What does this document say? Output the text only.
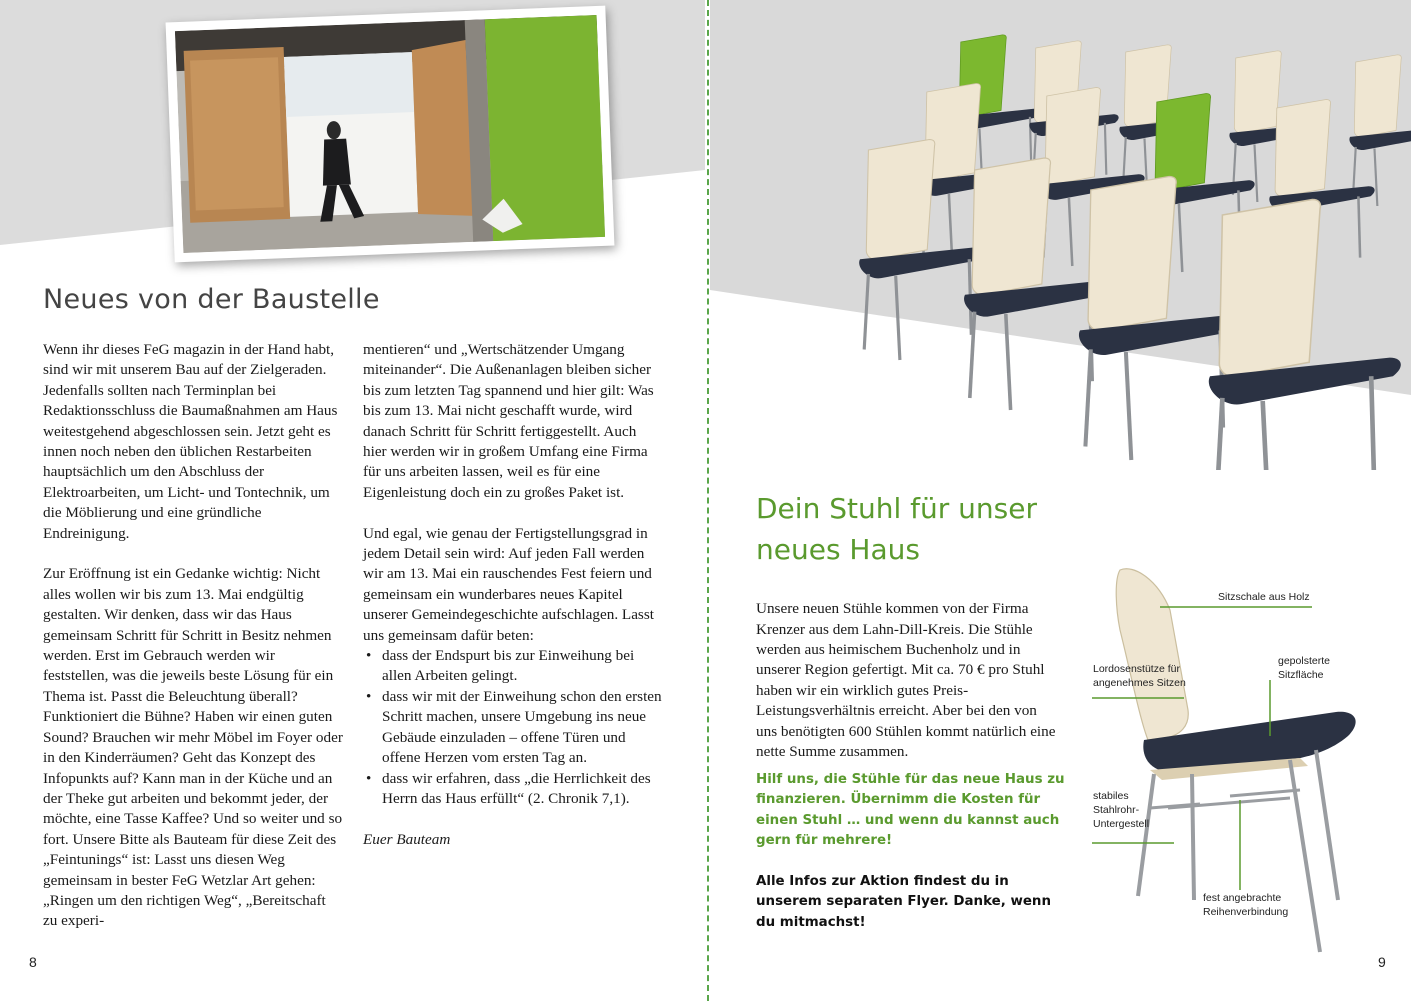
Neues von der Baustelle

Wenn ihr dieses FeG magazin in der Hand habt, sind wir mit unserem Bau auf der Zielgeraden. Jedenfalls sollten nach Terminplan bei Redaktionsschluss die Baumaßnahmen am Haus weitestgehend abgeschlossen sein. Jetzt geht es innen noch neben den üblichen Restarbeiten hauptsächlich um den Abschluss der Elektroarbeiten, um Licht- und Tontechnik, um die Möblierung und eine gründliche Endreinigung.

Zur Eröffnung ist ein Gedanke wichtig: Nicht alles wollen wir bis zum 13. Mai endgültig gestalten. Wir denken, dass wir das Haus gemeinsam Schritt für Schritt in Besitz nehmen werden. Erst im Gebrauch werden wir feststellen, was die jeweils beste Lösung für ein Thema ist. Passt die Beleuchtung überall? Funktioniert die Bühne? Haben wir einen guten Sound? Brauchen wir mehr Möbel im Foyer oder in den Kinderräumen? Geht das Konzept des Infopunkts auf? Kann man in der Küche und an der Theke gut arbeiten und bekommt jeder, der möchte, eine Tasse Kaffee? Und so weiter und so fort. Unsere Bitte als Bauteam für diese Zeit des „Feintunings“ ist: Lasst uns diesen Weg gemeinsam in bester FeG Wetzlar Art gehen: „Ringen um den richtigen Weg“, „Bereitschaft zu experi-

mentieren“ und „Wertschätzender Umgang miteinander“. Die Außenanlagen bleiben sicher bis zum letzten Tag spannend und hier gilt: Was bis zum 13. Mai nicht geschafft wurde, wird danach Schritt für Schritt fertiggestellt. Auch hier werden wir in großem Umfang eine Firma für uns arbeiten lassen, weil es für eine Eigenleistung doch ein zu großes Paket ist.

Und egal, wie genau der Fertigstellungsgrad in jedem Detail sein wird: Auf jeden Fall werden wir am 13. Mai ein rauschendes Fest feiern und gemeinsam ein wunderbares neues Kapitel unserer Gemeindegeschichte aufschlagen. Lasst uns gemeinsam dafür beten:

• dass der Endspurt bis zur Einweihung bei allen Arbeiten gelingt.
• dass wir mit der Einweihung schon den ersten Schritt machen, unsere Umgebung ins neue Gebäude einzuladen – offene Türen und offene Herzen vom ersten Tag an.
• dass wir erfahren, dass „die Herrlichkeit des Herrn das Haus erfüllt“ (2. Chronik 7,1).

Euer Bauteam

8
Dein Stuhl für unser neues Haus

Unsere neuen Stühle kommen von der Firma Krenzer aus dem Lahn-Dill-Kreis. Die Stühle werden aus heimischem Buchenholz und in unserer Region gefertigt. Mit ca. 70 € pro Stuhl haben wir ein wirklich gutes Preis-Leistungsverhältnis erreicht. Aber bei den von uns benötigten 600 Stühlen kommt natürlich eine nette Summe zusammen.

Hilf uns, die Stühle für das neue Haus zu finanzieren. Übernimm die Kosten für einen Stuhl … und wenn du kannst auch gern für mehrere!

Alle Infos zur Aktion findest du in unserem separaten Flyer. Danke, wenn du mitmachst!

Sitzschale aus Holz

Lordosenstütze für angenehmes Sitzen

gepolsterte Sitzfläche

stabiles Stahlrohr-Untergestell

fest angebrachte Reihenverbindung

9
